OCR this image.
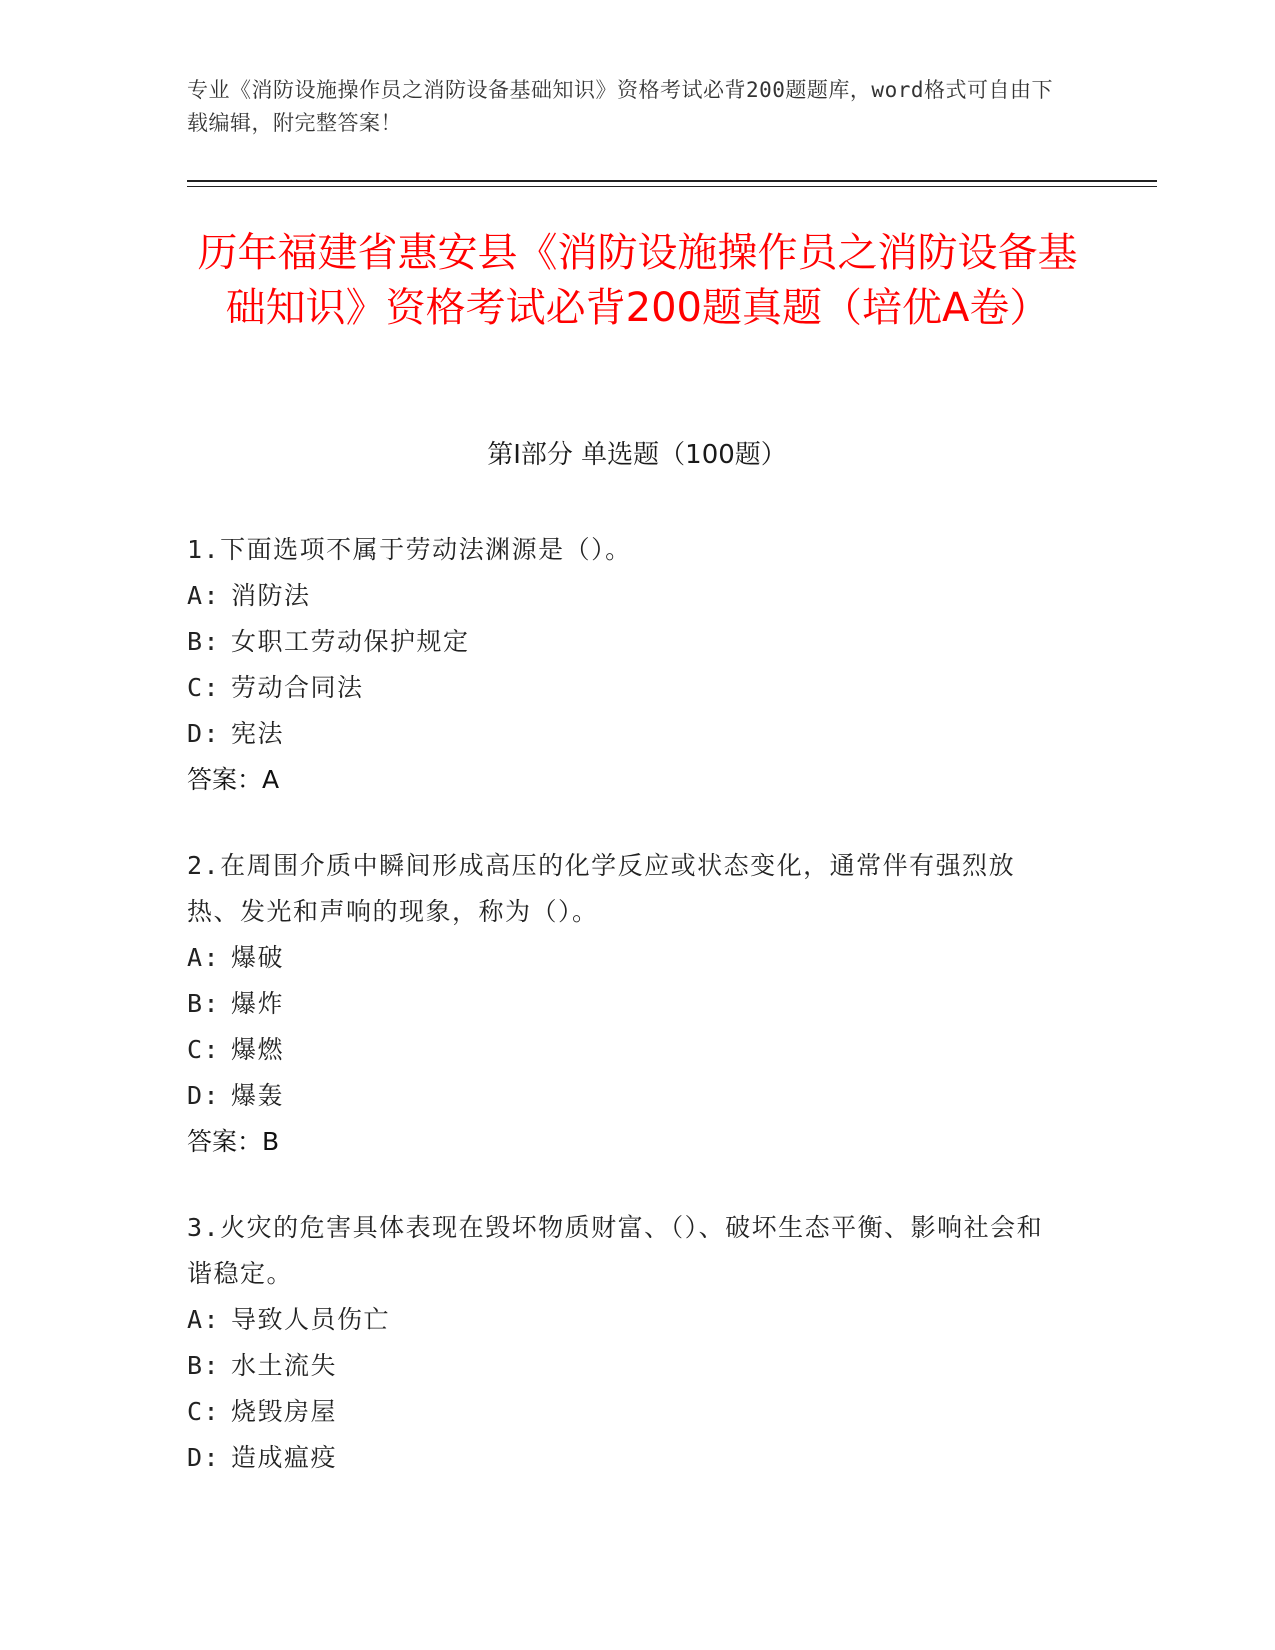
专业《消防设施操作员之消防设备基础知识》资格考试必背200题题库，word格式可自由下载编辑，附完整答案！
历年福建省惠安县《消防设施操作员之消防设备基础知识》资格考试必背200题真题（培优A卷）
第I部分 单选题（100题）
1.下面选项不属于劳动法渊源是（）。
A: 消防法
B: 女职工劳动保护规定
C: 劳动合同法
D: 宪法
答案：A
2.在周围介质中瞬间形成高压的化学反应或状态变化，通常伴有强烈放热、发光和声响的现象，称为（）。
A: 爆破
B: 爆炸
C: 爆燃
D: 爆轰
答案：B
3.火灾的危害具体表现在毁坏物质财富、（）、破坏生态平衡、影响社会和谐稳定。
A: 导致人员伤亡
B: 水土流失
C: 烧毁房屋
D: 造成瘟疫
